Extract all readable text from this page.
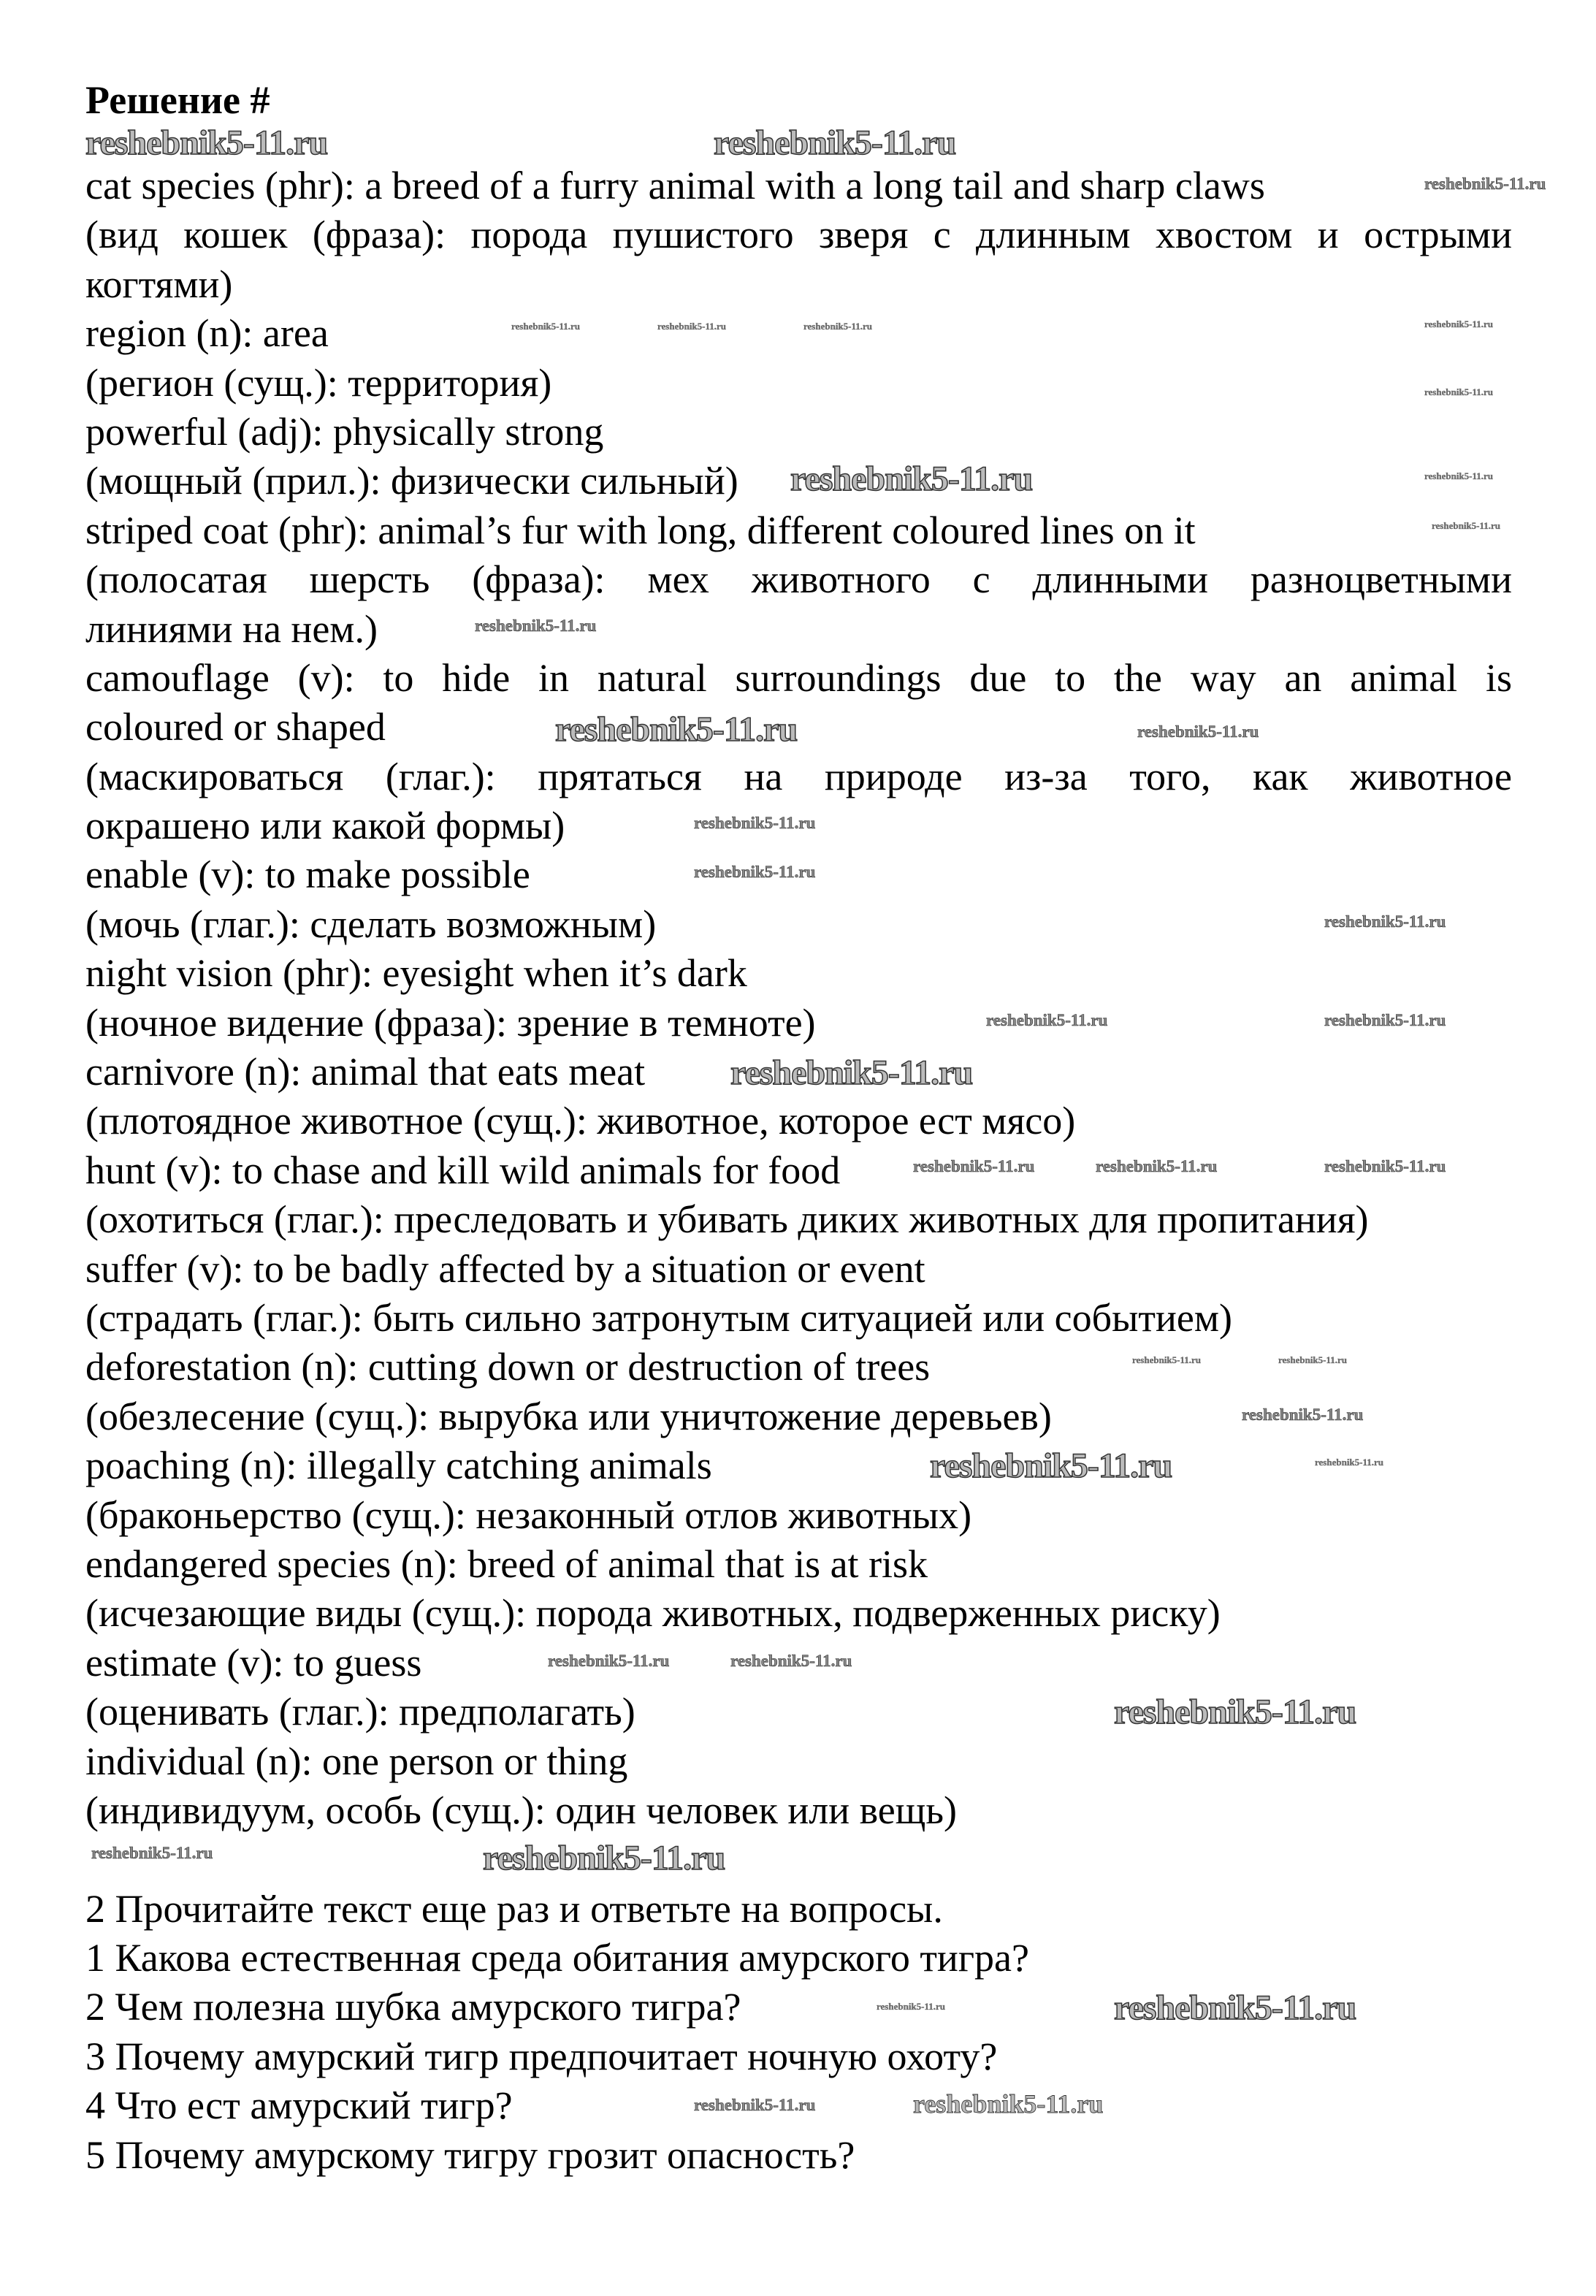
Решение #
cat species (phr): a breed of a furry animal with a long tail and sharp claws
(вид кошек (фраза): порода пушистого зверя с длинным хвостом и острыми
когтями)
region (n): area
(регион (сущ.): территория)
powerful (adj): physically strong
(мощный (прил.): физически сильный)
striped coat (phr): animal’s fur with long, different coloured lines on it
(полосатая шерсть (фраза): мех животного с длинными разноцветными
линиями на нем.)
camouflage (v): to hide in natural surroundings due to the way an animal is
coloured or shaped
(маскироваться (глаг.): прятаться на природе из-за того, как животное
окрашено или какой формы)
enable (v): to make possible
(мочь (глаг.): сделать возможным)
night vision (phr): eyesight when it’s dark
(ночное видение (фраза): зрение в темноте)
carnivore (n): animal that eats meat
(плотоядное животное (сущ.): животное, которое ест мясо)
hunt (v): to chase and kill wild animals for food
(охотиться (глаг.): преследовать и убивать диких животных для пропитания)
suffer (v): to be badly affected by a situation or event
(страдать (глаг.): быть сильно затронутым ситуацией или событием)
deforestation (n): cutting down or destruction of trees
(обезлесение (сущ.): вырубка или уничтожение деревьев)
poaching (n): illegally catching animals
(браконьерство (сущ.): незаконный отлов животных)
endangered species (n): breed of animal that is at risk
(исчезающие виды (сущ.): порода животных, подверженных риску)
estimate (v): to guess
(оценивать (глаг.): предполагать)
individual (n): one person or thing
(индивидуум, особь (сущ.): один человек или вещь)
2 Прочитайте текст еще раз и ответьте на вопросы.
1 Какова естественная среда обитания амурского тигра?
2 Чем полезна шубка амурского тигра?
3 Почему амурский тигр предпочитает ночную охоту?
4 Что ест амурский тигр?
5 Почему амурскому тигру грозит опасность?
reshebnik5-11.ru	reshebnik5-11.ru
reshebnik5-11.ru
reshebnik5-11.ru
reshebnik5-11.ru
reshebnik5-11.ru
reshebnik5-11.ru
reshebnik5-11.ru
reshebnik5-11.ru	reshebnik5-11.ru	reshebnik5-11.ru
reshebnik5-11.ru
reshebnik5-11.ru	reshebnik5-11.ru
reshebnik5-11.ru
reshebnik5-11.ru
reshebnik5-11.ru
reshebnik5-11.ru	reshebnik5-11.ru
reshebnik5-11.ru
reshebnik5-11.ru	reshebnik5-11.ru	reshebnik5-11.ru
reshebnik5-11.ru	reshebnik5-11.ru
reshebnik5-11.ru
reshebnik5-11.ru
reshebnik5-11.ru
reshebnik5-11.ru	reshebnik5-11.ru
reshebnik5-11.ru
reshebnik5-11.ru	reshebnik5-11.ru
reshebnik5-11.ru	reshebnik5-11.ru
reshebnik5-11.ru	reshebnik5-11.ru
